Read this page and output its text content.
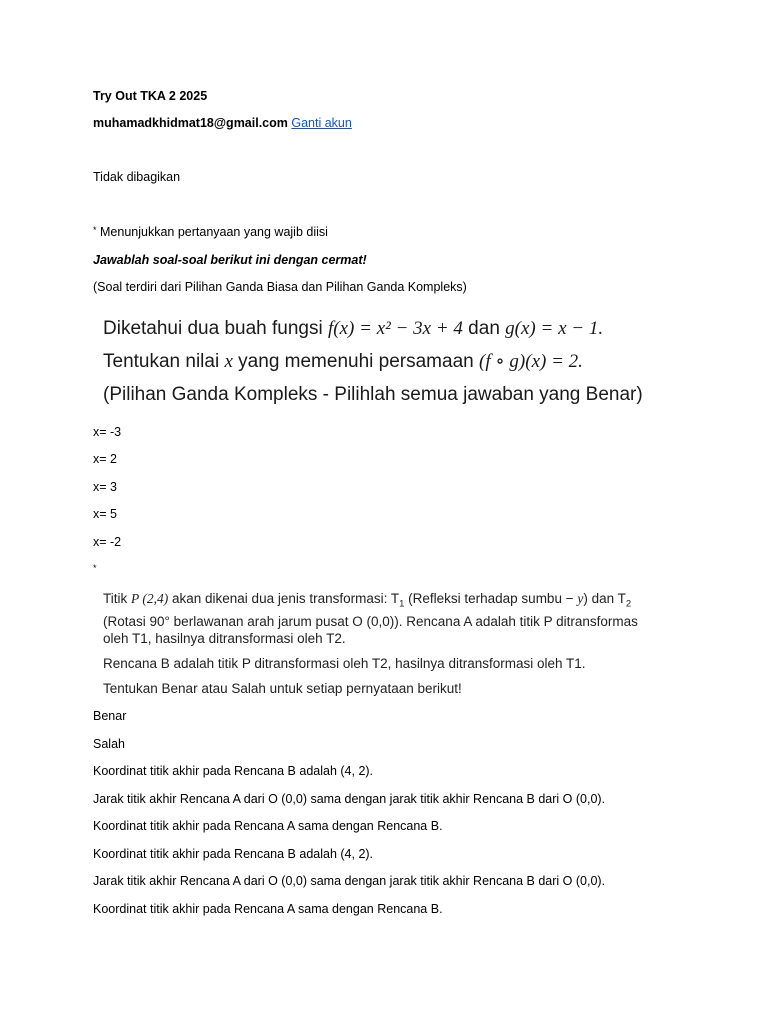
Try Out TKA 2 2025
muhamadkhidmat18@gmail.com Ganti akun
Tidak dibagikan
* Menunjukkan pertanyaan yang wajib diisi
Jawablah soal-soal berikut ini dengan cermat!
(Soal terdiri dari Pilihan Ganda Biasa dan Pilihan Ganda Kompleks)
Diketahui dua buah fungsi f(x) = x² − 3x + 4 dan g(x) = x − 1.
Tentukan nilai x yang memenuhi persamaan (f ∘ g)(x) = 2.
(Pilihan Ganda Kompleks - Pilihlah semua jawaban yang Benar)
x= -3
x= 2
x= 3
x= 5
x= -2
*
Titik P (2,4) akan dikenai dua jenis transformasi: $T_1$ (Refleksi terhadap sumbu − y) dan $T_2$
(Rotasi 90° berlawanan arah jarum pusat O (0,0)). Rencana A adalah titik P ditransformas
oleh T1, hasilnya ditransformasi oleh T2.
Rencana B adalah titik P ditransformasi oleh T2, hasilnya ditransformasi oleh T1.
Tentukan Benar atau Salah untuk setiap pernyataan berikut!
Benar
Salah
Koordinat titik akhir pada Rencana B adalah (4, 2).
Jarak titik akhir Rencana A dari O (0,0) sama dengan jarak titik akhir Rencana B dari O (0,0).
Koordinat titik akhir pada Rencana A sama dengan Rencana B.
Koordinat titik akhir pada Rencana B adalah (4, 2).
Jarak titik akhir Rencana A dari O (0,0) sama dengan jarak titik akhir Rencana B dari O (0,0).
Koordinat titik akhir pada Rencana A sama dengan Rencana B.
